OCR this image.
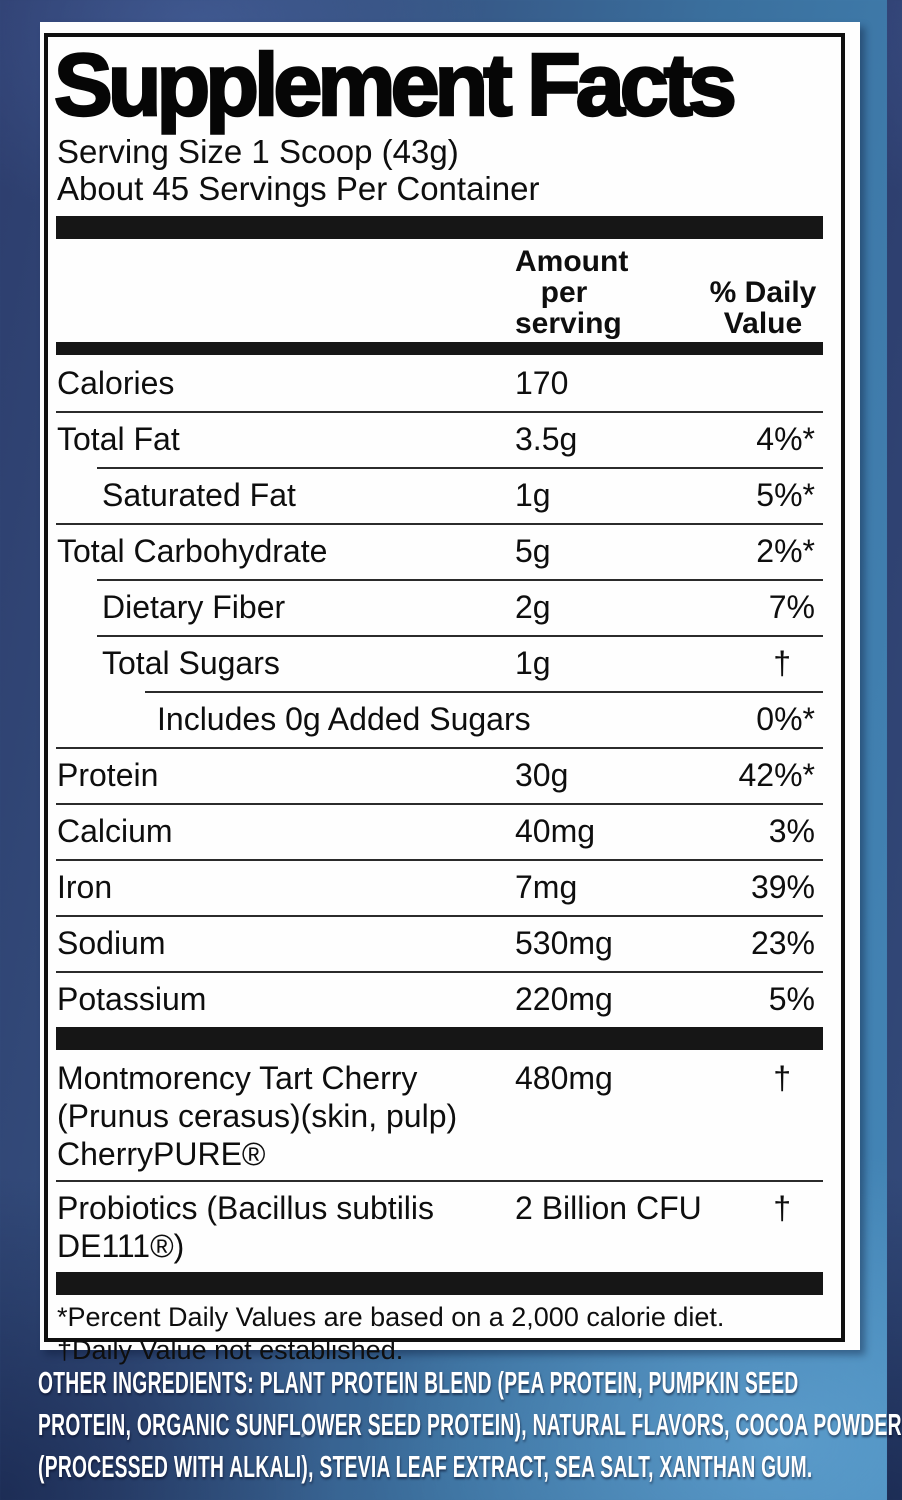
Supplement Facts
Serving Size 1 Scoop (43g)
About 45 Servings Per Container
Amount per
serving
% Daily
Value
Calories	170
Total Fat	3.5g	4%*
Saturated Fat	1g	5%*
Total Carbohydrate	5g	2%*
Dietary Fiber	2g	7%
Total Sugars	1g	†
Includes 0g Added Sugars	0%*
Protein	30g	42%*
Calcium	40mg	3%
Iron	7mg	39%
Sodium	530mg	23%
Potassium	220mg	5%
Montmorency Tart Cherry
(Prunus cerasus)(skin, pulp)
CherryPURE®
480mg	†
Probiotics (Bacillus subtilis
DE111®)
2 Billion CFU	†
*Percent Daily Values are based on a 2,000 calorie diet.
†Daily Value not established.
OTHER INGREDIENTS: PLANT PROTEIN BLEND (PEA PROTEIN, PUMPKIN SEED
PROTEIN, ORGANIC SUNFLOWER SEED PROTEIN), NATURAL FLAVORS, COCOA POWDER
(PROCESSED WITH ALKALI), STEVIA LEAF EXTRACT, SEA SALT, XANTHAN GUM.
